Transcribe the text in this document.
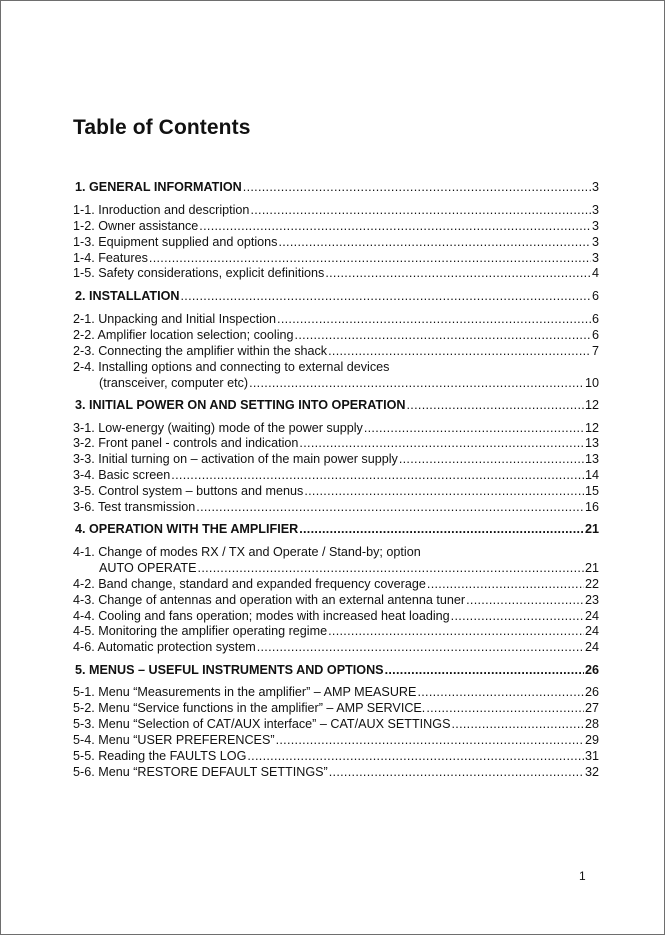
Table of Contents
1. GENERAL INFORMATION .....	3
1-1. Inroduction and description .....	3
1-2. Owner assistance .....	3
1-3. Equipment supplied and options .....	3
1-4. Features .....	3
1-5. Safety considerations, explicit definitions .....	4
2. INSTALLATION .....	6
2-1. Unpacking and Initial Inspection .....	6
2-2. Amplifier location selection; cooling .....	6
2-3. Connecting the amplifier within the shack .....	7
2-4. Installing options and connecting to external devices
(transceiver, computer etc) .....	10
3. INITIAL POWER ON AND SETTING INTO OPERATION .....	12
3-1. Low-energy (waiting) mode of the power supply .....	12
3-2. Front panel - controls and indication .....	13
3-3. Initial turning on – activation of the main power supply .....	13
3-4. Basic screen .....	14
3-5. Control system – buttons and menus .....	15
3-6. Test transmission .....	16
4. OPERATION WITH THE AMPLIFIER .....	21
4-1. Change of modes RX / TX and Operate / Stand-by; option
AUTO OPERATE .....	21
4-2. Band change, standard and expanded frequency coverage .....	22
4-3. Change of antennas and operation with an external antenna tuner .....	23
4-4. Cooling and fans operation; modes with increased heat loading .....	24
4-5. Monitoring the amplifier operating regime .....	24
4-6. Automatic protection system .....	24
5. MENUS – USEFUL INSTRUMENTS AND OPTIONS .....	26
5-1. Menu “Measurements in the amplifier” – AMP MEASURE .....	26
5-2. Menu “Service functions in the amplifier” – AMP SERVICE. .....	27
5-3. Menu “Selection of CAT/AUX interface” – CAT/AUX SETTINGS .....	28
5-4. Menu “USER PREFERENCES” .....	29
5-5. Reading the FAULTS LOG .....	31
5-6. Menu “RESTORE DEFAULT SETTINGS” .....	32
1
